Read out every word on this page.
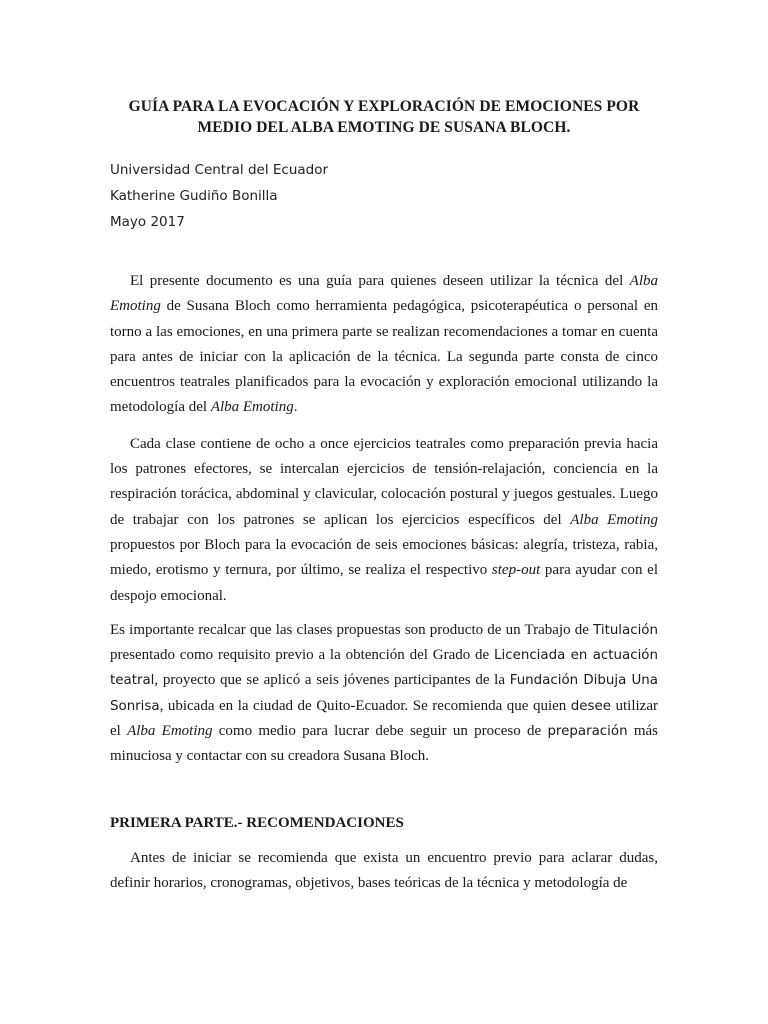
GUÍA PARA LA EVOCACIÓN Y EXPLORACIÓN DE EMOCIONES POR
MEDIO DEL ALBA EMOTING DE SUSANA BLOCH.
Universidad Central del Ecuador
Katherine Gudiño Bonilla
Mayo 2017

El presente documento es una guía para quienes deseen utilizar la técnica del Alba Emoting de Susana Bloch como herramienta pedagógica, psicoterapéutica o personal en torno a las emociones, en una primera parte se realizan recomendaciones a tomar en cuenta para antes de iniciar con la aplicación de la técnica. La segunda parte consta de cinco encuentros teatrales planificados para la evocación y exploración emocional utilizando la metodología del Alba Emoting.

Cada clase contiene de ocho a once ejercicios teatrales como preparación previa hacia los patrones efectores, se intercalan ejercicios de tensión-relajación, conciencia en la respiración torácica, abdominal y clavicular, colocación postural y juegos gestuales. Luego de trabajar con los patrones se aplican los ejercicios específicos del Alba Emoting propuestos por Bloch para la evocación de seis emociones básicas: alegría, tristeza, rabia, miedo, erotismo y ternura, por último, se realiza el respectivo step-out para ayudar con el despojo emocional.

Es importante recalcar que las clases propuestas son producto de un Trabajo de Titulación presentado como requisito previo a la obtención del Grado de Licenciada en actuación teatral, proyecto que se aplicó a seis jóvenes participantes de la Fundación Dibuja Una Sonrisa, ubicada en la ciudad de Quito-Ecuador. Se recomienda que quien desee utilizar el Alba Emoting como medio para lucrar debe seguir un proceso de preparación más minuciosa y contactar con su creadora Susana Bloch.

PRIMERA PARTE.- RECOMENDACIONES

Antes de iniciar se recomienda que exista un encuentro previo para aclarar dudas, definir horarios, cronogramas, objetivos, bases teóricas de la técnica y metodología de
